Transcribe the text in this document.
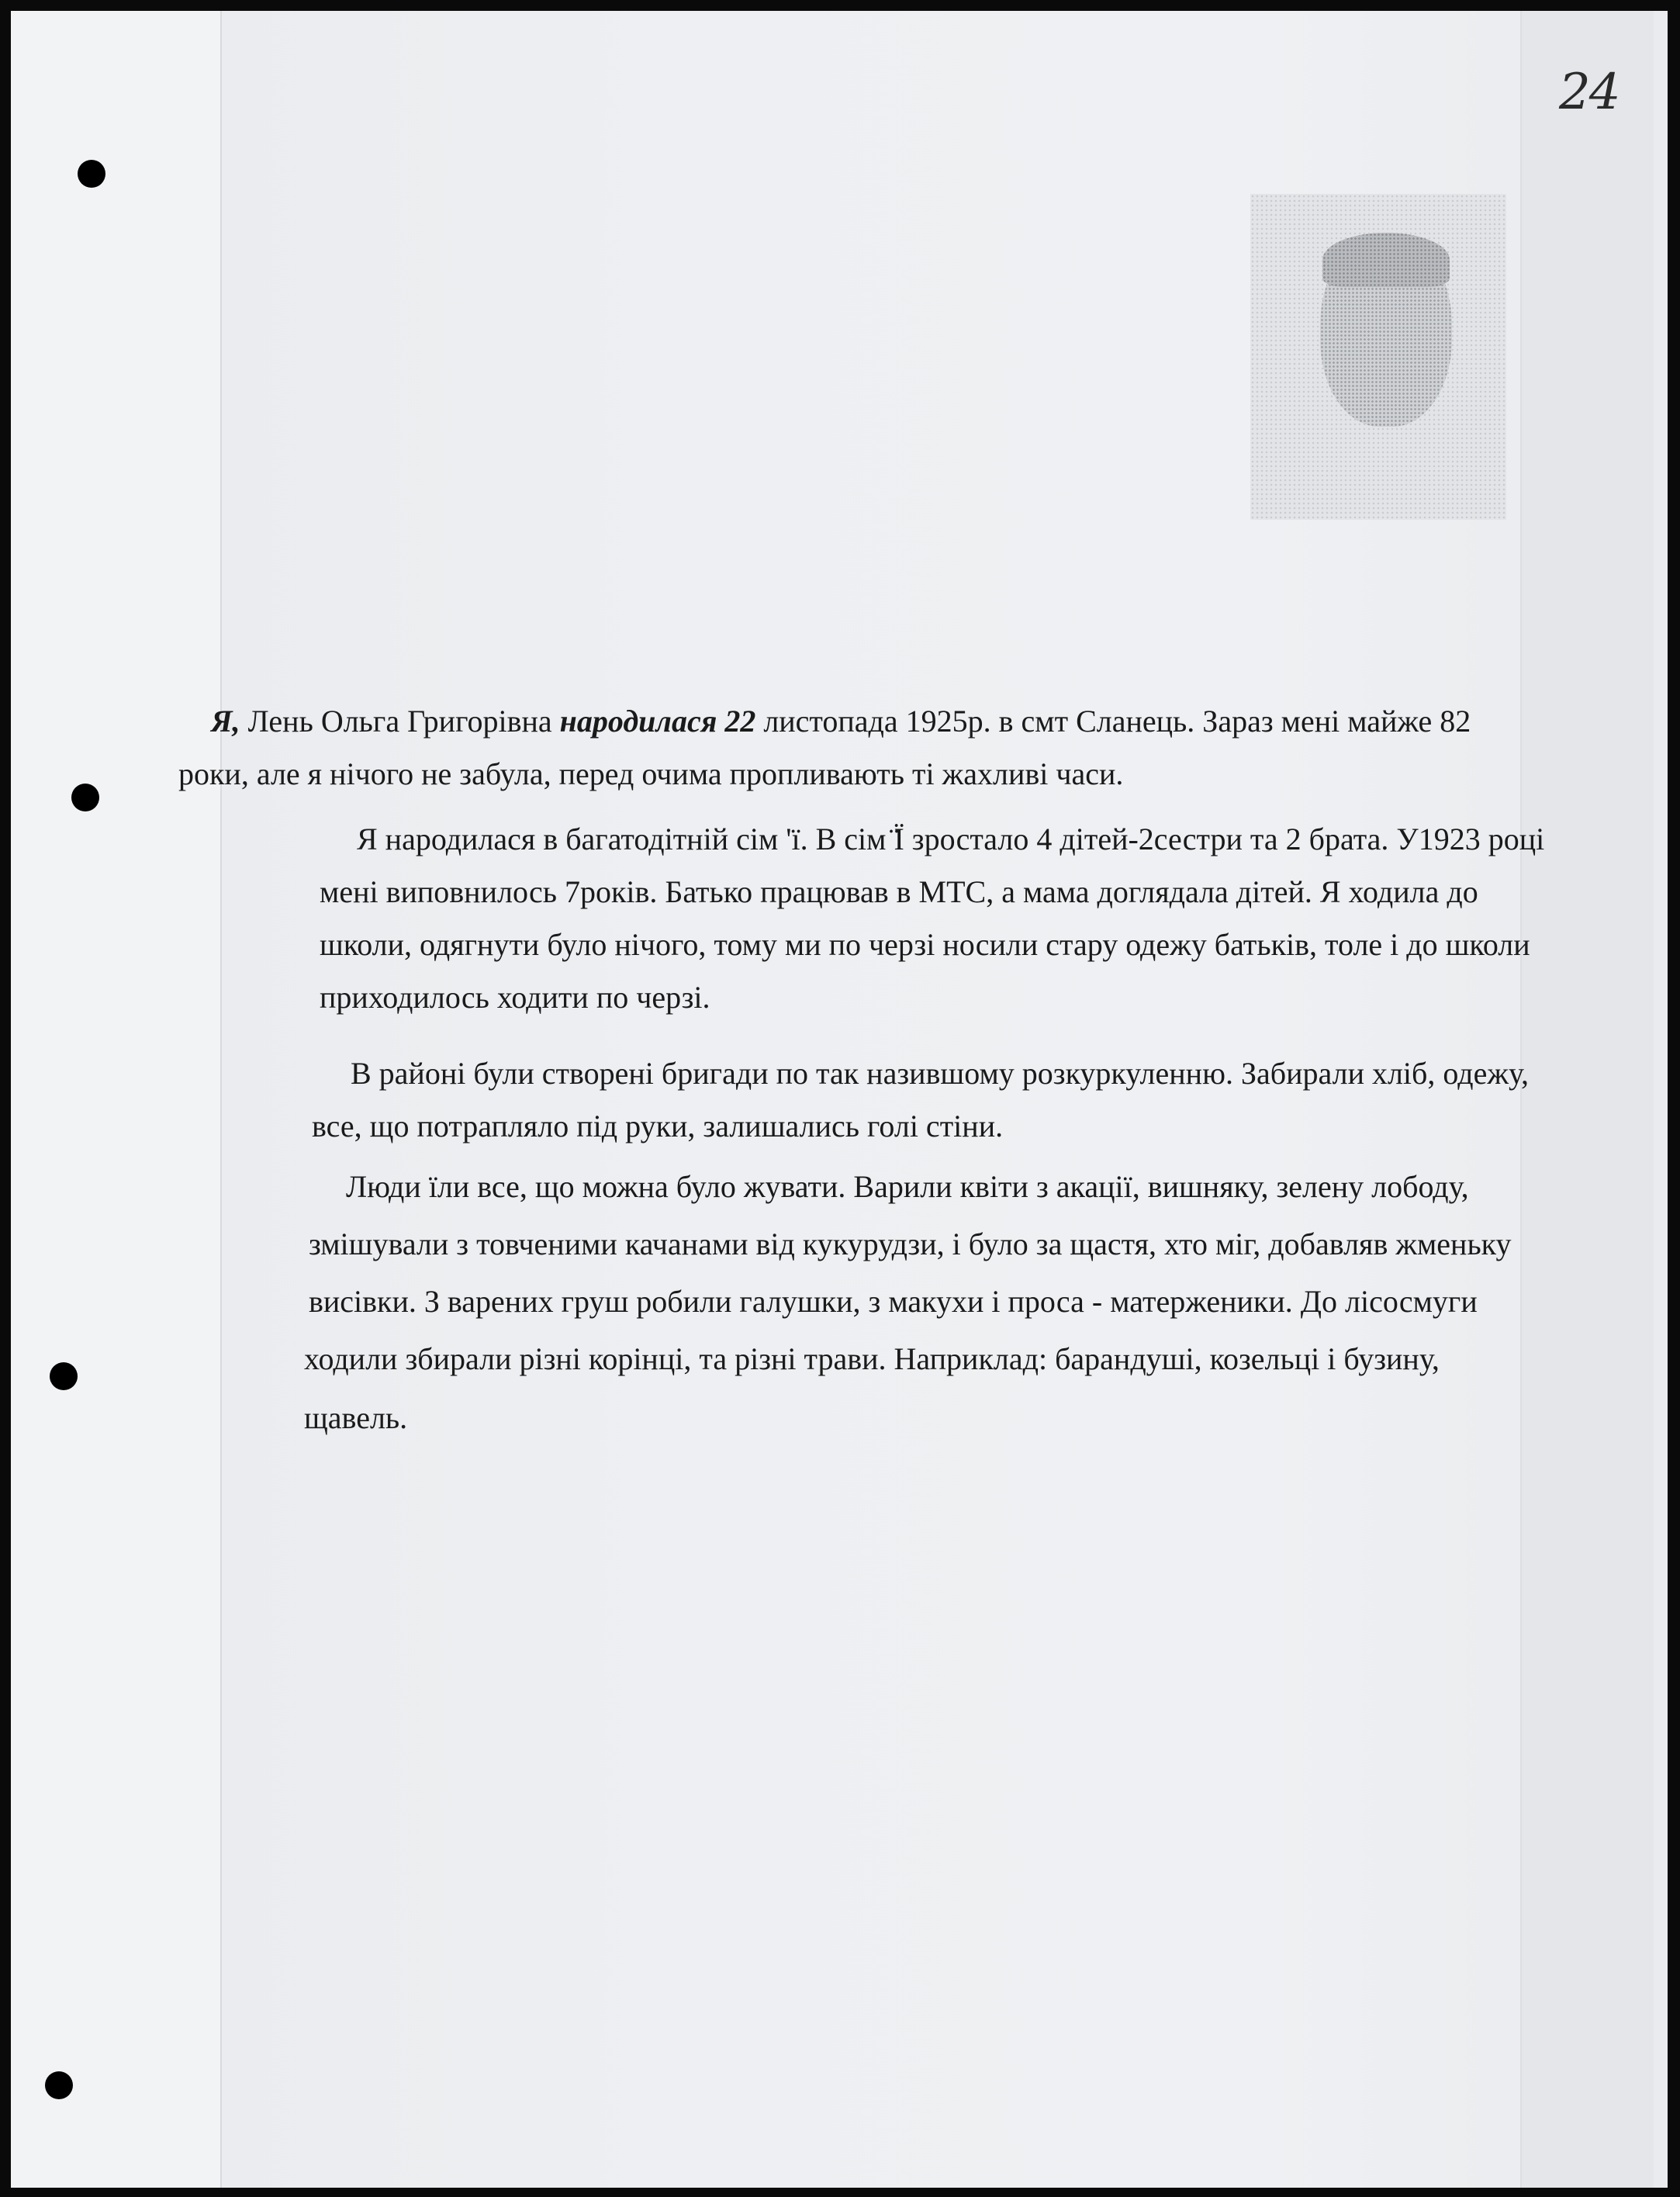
24
Я, Лень Ольга Григорівна народилася 22 листопада 1925р. в смт Сланець. Зараз мені майже 82
роки, але я нічого не забула, перед очима пропливають ті жахливі часи.
Я народилася в багатодітній сім 'ї. В сім ̈Ї зростало 4 дітей-2сестри та 2 брата. У1923 році
мені виповнилось 7років. Батько працював в МТС, а мама доглядала дітей. Я ходила до
школи, одягнути було нічого, тому ми по черзі носили стару одежу батьків, толе і до школи
приходилось ходити по черзі.
В районі були створені бригади по так назившому розкуркуленню. Забирали хліб, одежу,
все, що потрапляло під руки, залишались голі стіни.
Люди їли все, що можна було жувати. Варили квіти з акації, вишняку, зелену лободу,
змішували з товченими качанами від кукурудзи, і було за щастя, хто міг, добавляв жменьку
висівки. З варених груш робили галушки, з макухи і проса - матерженики. До лісосмуги
ходили збирали різні корінці, та різні трави. Наприклад: барандуші, козельці і бузину,
щавель.
